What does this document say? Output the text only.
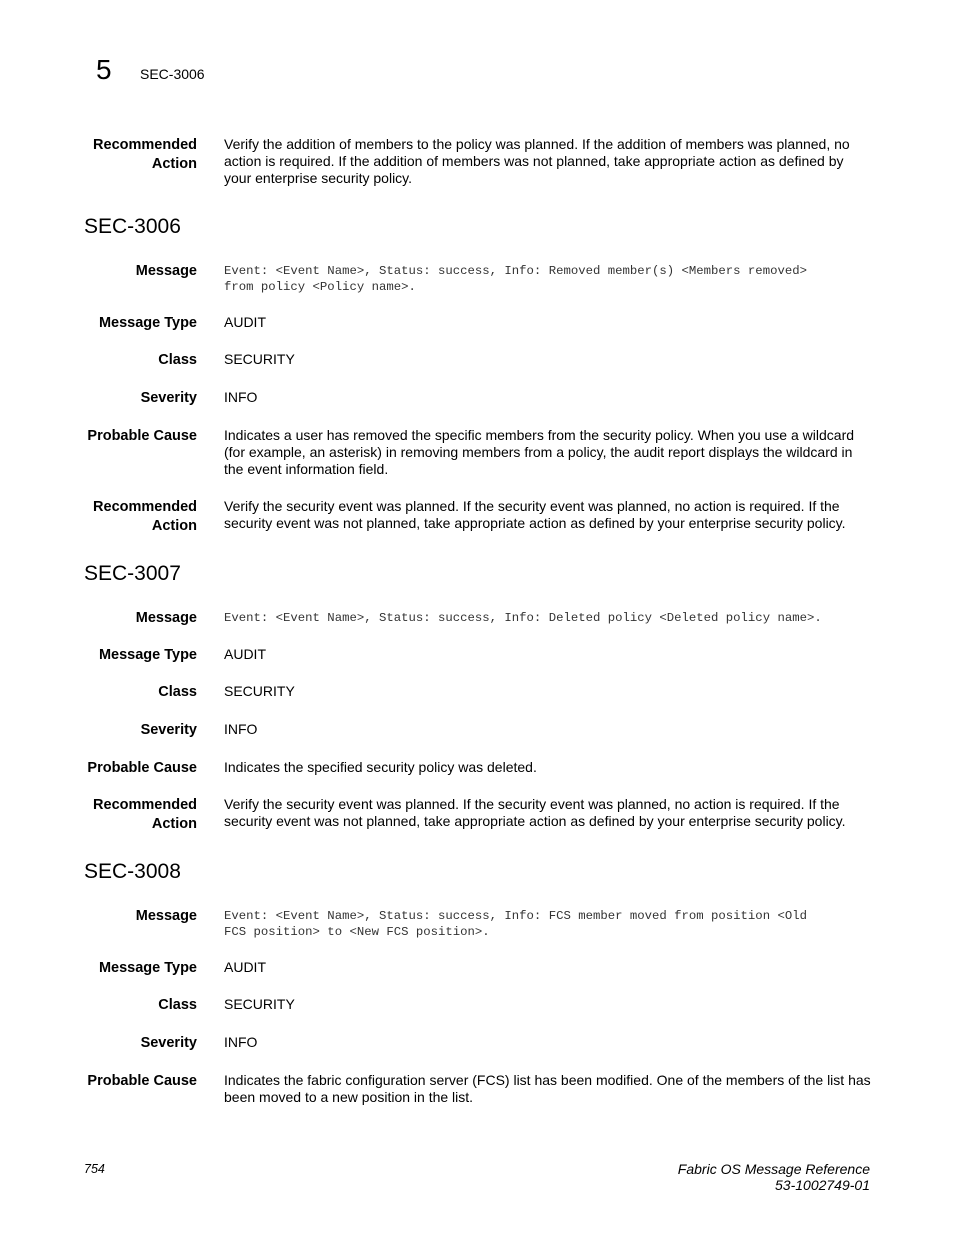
5 SEC-3006
Recommended
Action
Verify the addition of members to the policy was planned. If the addition of members was planned, no action is required. If the addition of members was not planned, take appropriate action as defined by your enterprise security policy.
SEC-3006
Message Event: <Event Name>, Status: success, Info: Removed member(s) <Members removed>
from policy <Policy name>.
Message Type AUDIT
Class SECURITY
Severity INFO
Probable Cause Indicates a user has removed the specific members from the security policy. When you use a wildcard (for example, an asterisk) in removing members from a policy, the audit report displays the wildcard in the event information field.
Recommended
Action
Verify the security event was planned. If the security event was planned, no action is required. If the security event was not planned, take appropriate action as defined by your enterprise security policy.
SEC-3007
Message Event: <Event Name>, Status: success, Info: Deleted policy <Deleted policy name>.
Message Type AUDIT
Class SECURITY
Severity INFO
Probable Cause Indicates the specified security policy was deleted.
Recommended
Action
Verify the security event was planned. If the security event was planned, no action is required. If the security event was not planned, take appropriate action as defined by your enterprise security policy.
SEC-3008
Message Event: <Event Name>, Status: success, Info: FCS member moved from position <Old
FCS position> to <New FCS position>.
Message Type AUDIT
Class SECURITY
Severity INFO
Probable Cause Indicates the fabric configuration server (FCS) list has been modified. One of the members of the list has been moved to a new position in the list.
754	Fabric OS Message Reference
53-1002749-01
